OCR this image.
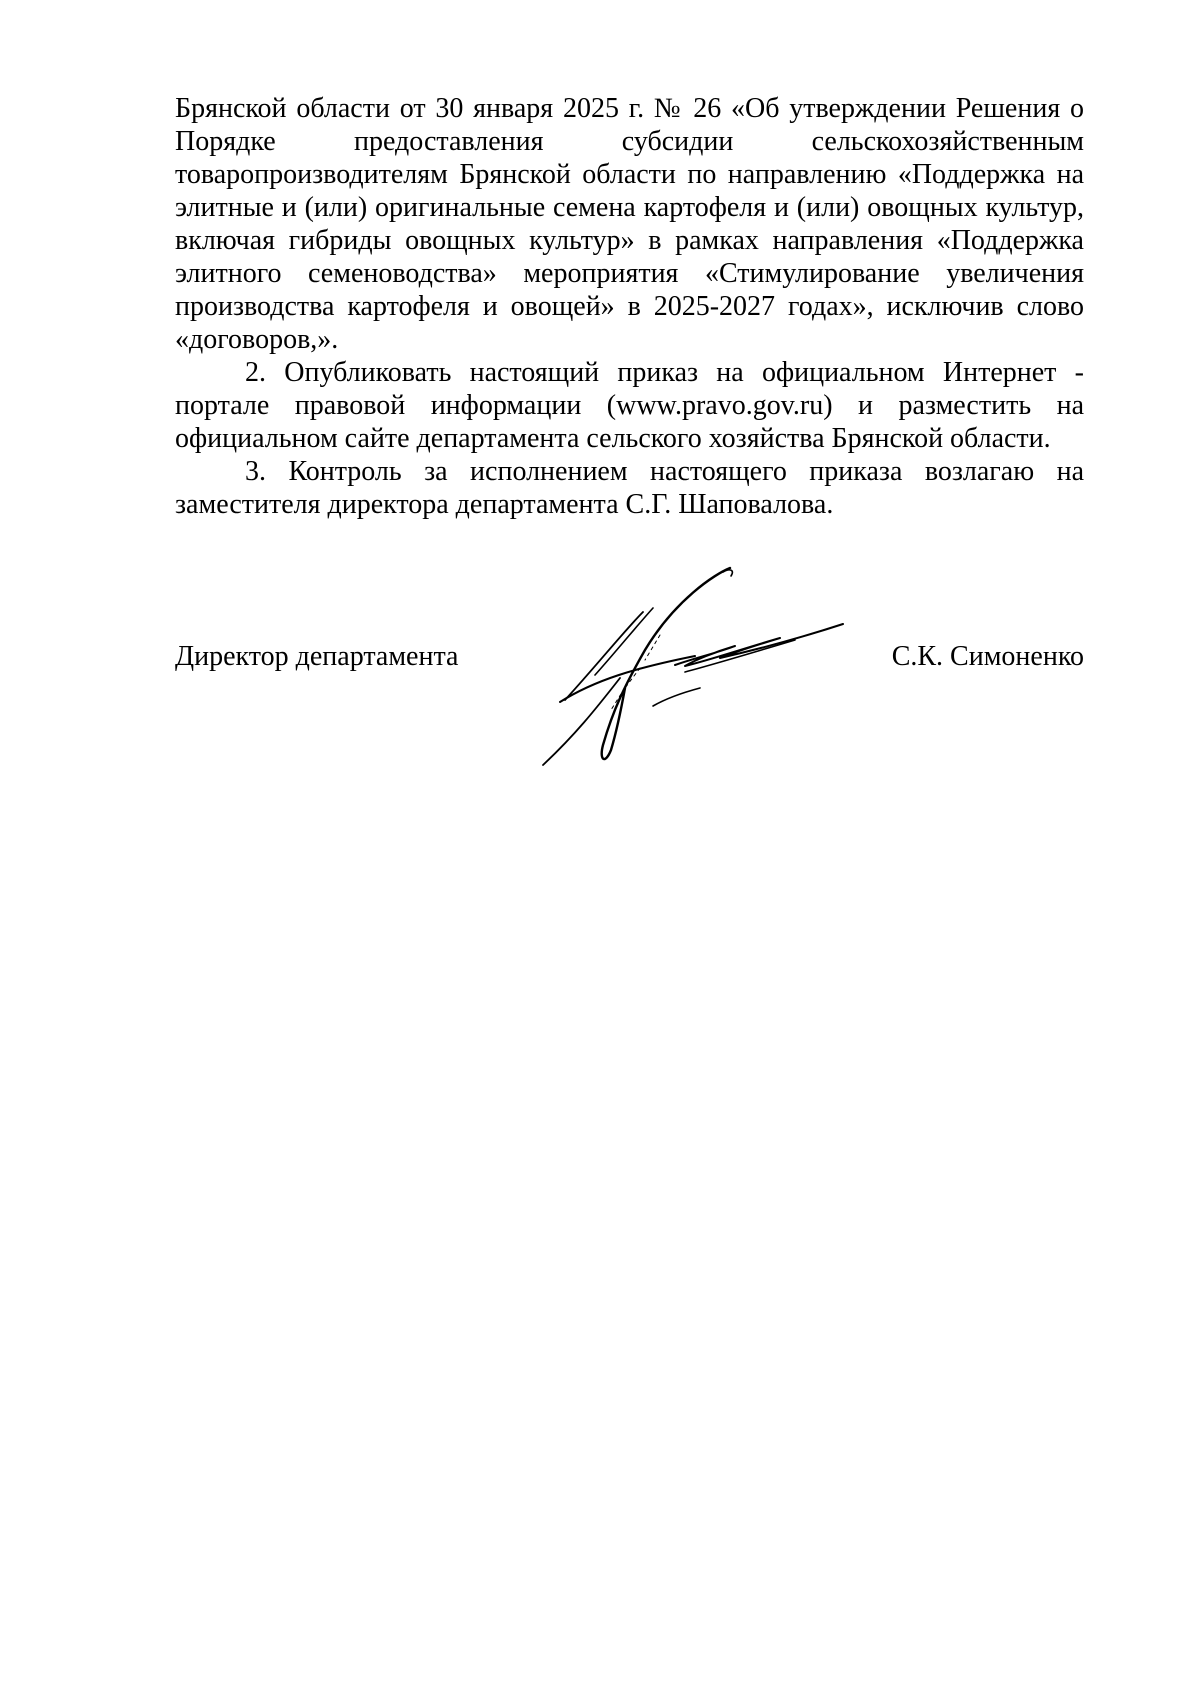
Брянской области от 30 января 2025 г. № 26 «Об утверждении Решения о Порядке предоставления субсидии сельскохозяйственным товаропроизводителям Брянской области по направлению «Поддержка на элитные и (или) оригинальные семена картофеля и (или) овощных культур, включая гибриды овощных культур» в рамках направления «Поддержка элитного семеноводства» мероприятия «Стимулирование увеличения производства картофеля и овощей» в 2025-2027 годах», исключив слово «договоров,».

2. Опубликовать настоящий приказ на официальном Интернет - портале правовой информации (www.pravo.gov.ru) и разместить на официальном сайте департамента сельского хозяйства Брянской области.

3. Контроль за исполнением настоящего приказа возлагаю на заместителя директора департамента С.Г. Шаповалова.

Директор департамента	С.К. Симоненко
